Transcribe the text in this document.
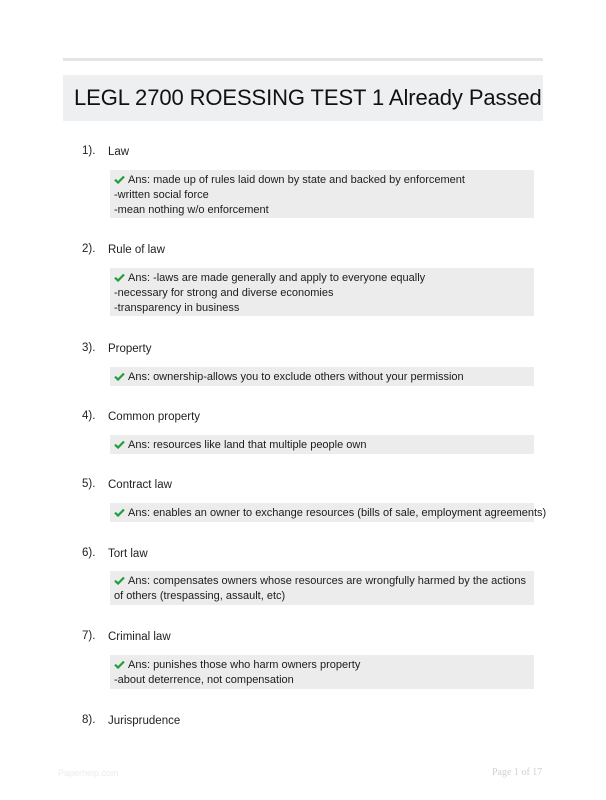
LEGL 2700 ROESSING TEST 1 Already Passed
1). Law
Ans: made up of rules laid down by state and backed by enforcement
-written social force
-mean nothing w/o enforcement
2). Rule of law
Ans: -laws are made generally and apply to everyone equally
-necessary for strong and diverse economies
-transparency in business
3). Property
Ans: ownership-allows you to exclude others without your permission
4). Common property
Ans: resources like land that multiple people own
5). Contract law
Ans: enables an owner to exchange resources (bills of sale, employment agreements)
6). Tort law
Ans: compensates owners whose resources are wrongfully harmed by the actions of others (trespassing, assault, etc)
7). Criminal law
Ans: punishes those who harm owners property
-about deterrence, not compensation
8). Jurisprudence
Paperhelp.com	Page 1 of 17
